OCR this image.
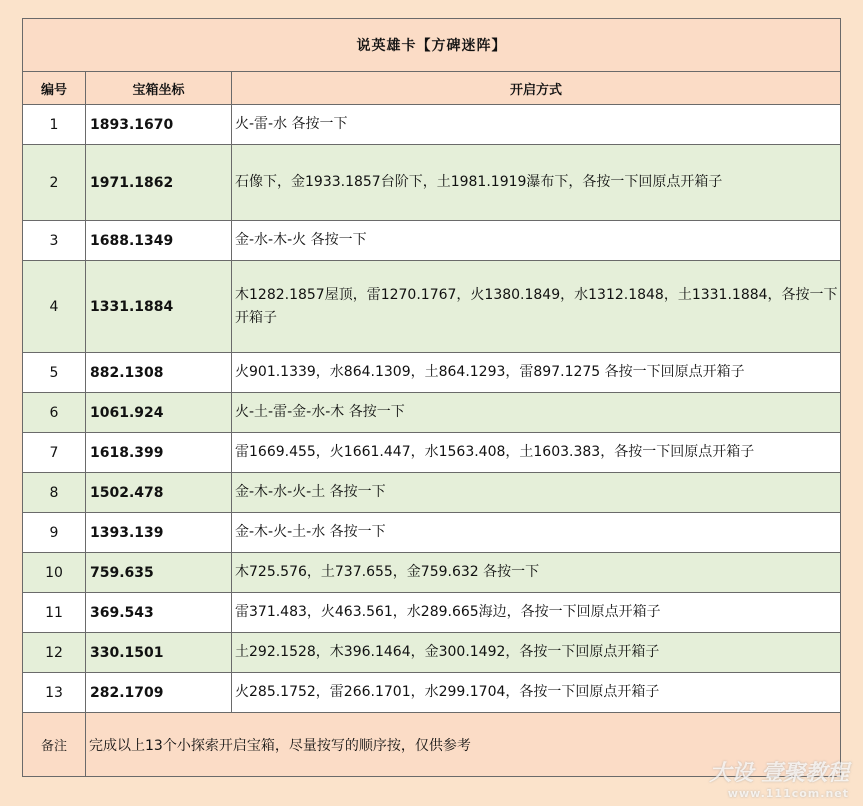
说英雄卡【方碑迷阵】		
编号	宝箱坐标	开启方式
1	1893.1670	火-雷-水 各按一下
2	1971.1862	石像下，金1933.1857台阶下，土1981.1919瀑布下，各按一下回原点开箱子
3	1688.1349	金-水-木-火 各按一下
4	1331.1884	木1282.1857屋顶，雷1270.1767，火1380.1849，水1312.1848，土1331.1884，各按一下开箱子
5	882.1308	火901.1339，水864.1309，土864.1293，雷897.1275 各按一下回原点开箱子
6	1061.924	火-土-雷-金-水-木 各按一下
7	1618.399	雷1669.455，火1661.447，水1563.408，土1603.383，各按一下回原点开箱子
8	1502.478	金-木-水-火-土 各按一下
9	1393.139	金-木-火-土-水 各按一下
10	759.635	木725.576，土737.655，金759.632 各按一下
11	369.543	雷371.483，火463.561，水289.665海边，各按一下回原点开箱子
12	330.1501	土292.1528，木396.1464，金300.1492，各按一下回原点开箱子
13	282.1709	火285.1752，雷266.1701，水299.1704，各按一下回原点开箱子
备注	完成以上13个小探索开启宝箱，尽量按写的顺序按，仅供参考	
大设 壹聚教程
www.111com.net
